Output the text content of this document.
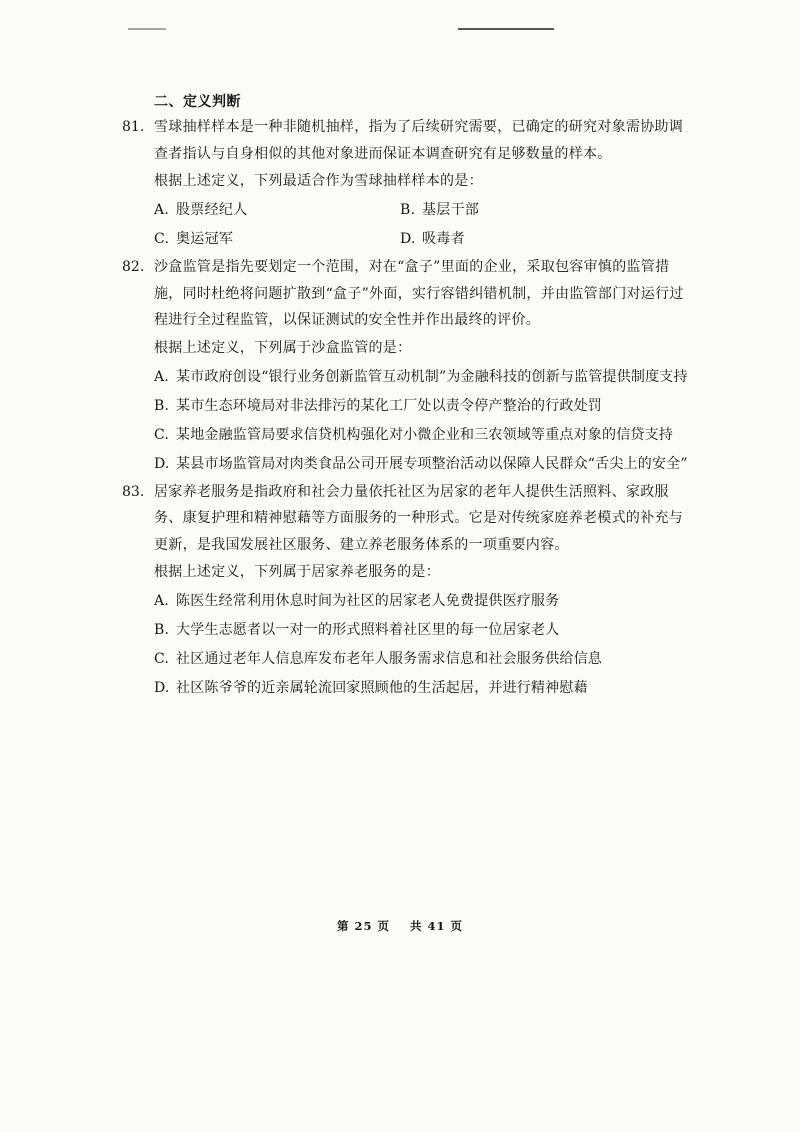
二、定义判断
81. 雪球抽样样本是一种非随机抽样，指为了后续研究需要，已确定的研究对象需协助调查者指认与自身相似的其他对象进而保证本调查研究有足够数量的样本。
根据上述定义，下列最适合作为雪球抽样样本的是：
A. 股票经纪人	B. 基层干部
C. 奥运冠军	D. 吸毒者
82. 沙盒监管是指先要划定一个范围，对在“盒子”里面的企业，采取包容审慎的监管措施，同时杜绝将问题扩散到“盒子”外面，实行容错纠错机制，并由监管部门对运行过程进行全过程监管，以保证测试的安全性并作出最终的评价。
根据上述定义，下列属于沙盒监管的是：
A. 某市政府创设“银行业务创新监管互动机制”为金融科技的创新与监管提供制度支持
B. 某市生态环境局对非法排污的某化工厂处以责令停产整治的行政处罚
C. 某地金融监管局要求信贷机构强化对小微企业和三农领域等重点对象的信贷支持
D. 某县市场监管局对肉类食品公司开展专项整治活动以保障人民群众“舌尖上的安全”
83. 居家养老服务是指政府和社会力量依托社区为居家的老年人提供生活照料、家政服务、康复护理和精神慰藉等方面服务的一种形式。它是对传统家庭养老模式的补充与更新，是我国发展社区服务、建立养老服务体系的一项重要内容。
根据上述定义，下列属于居家养老服务的是：
A. 陈医生经常利用休息时间为社区的居家老人免费提供医疗服务
B. 大学生志愿者以一对一的形式照料着社区里的每一位居家老人
C. 社区通过老年人信息库发布老年人服务需求信息和社会服务供给信息
D. 社区陈爷爷的近亲属轮流回家照顾他的生活起居，并进行精神慰藉
第 25 页 共 41 页
